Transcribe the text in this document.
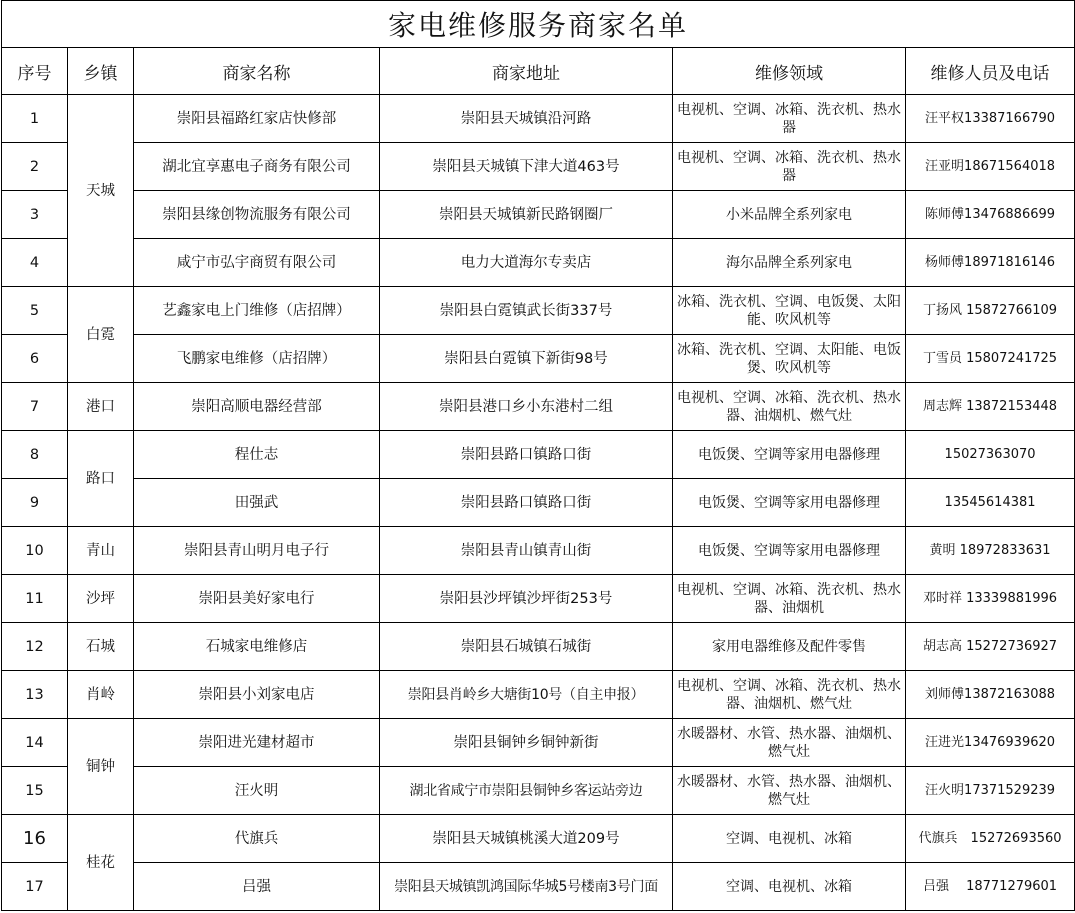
家电维修服务商家名单					
序号	乡镇	商家名称	商家地址	维修领域	维修人员及电话
1	天城	崇阳县福路红家店快修部	崇阳县天城镇沿河路	电视机、空调、冰箱、洗衣机、热水器	汪平权13387166790
2		湖北宜享惠电子商务有限公司	崇阳县天城镇下津大道463号	电视机、空调、冰箱、洗衣机、热水器	汪亚明18671564018
3		崇阳县缘创物流服务有限公司	崇阳县天城镇新民路钢圈厂	小米品牌全系列家电	陈师傅13476886699
4		咸宁市弘宇商贸有限公司	电力大道海尔专卖店	海尔品牌全系列家电	杨师傅18971816146
5	白霓	艺鑫家电上门维修（店招牌）	崇阳县白霓镇武长街337号	冰箱、洗衣机、空调、电饭煲、太阳能、吹风机等	丁扬风 15872766109
6		飞鹏家电维修（店招牌）	崇阳县白霓镇下新街98号	冰箱、洗衣机、空调、太阳能、电饭煲、吹风机等	丁雪员 15807241725
7	港口	崇阳高顺电器经营部	崇阳县港口乡小东港村二组	电视机、空调、冰箱、洗衣机、热水器、油烟机、燃气灶	周志辉 13872153448
8	路口	程仕志	崇阳县路口镇路口街	电饭煲、空调等家用电器修理	15027363070
9		田强武	崇阳县路口镇路口街	电饭煲、空调等家用电器修理	13545614381
10	青山	崇阳县青山明月电子行	崇阳县青山镇青山街	电饭煲、空调等家用电器修理	黄明 18972833631
11	沙坪	崇阳县美好家电行	崇阳县沙坪镇沙坪街253号	电视机、空调、冰箱、洗衣机、热水器、油烟机	邓时祥 13339881996
12	石城	石城家电维修店	崇阳县石城镇石城街	家用电器维修及配件零售	胡志高 15272736927
13	肖岭	崇阳县小刘家电店	崇阳县肖岭乡大塘街10号（自主申报）	电视机、空调、冰箱、洗衣机、热水器、油烟机、燃气灶	刘师傅13872163088
14	铜钟	崇阳进光建材超市	崇阳县铜钟乡铜钟新街	水暖器材、水管、热水器、油烟机、燃气灶	汪进光13476939620
15		汪火明	湖北省咸宁市崇阳县铜钟乡客运站旁边	水暖器材、水管、热水器、油烟机、燃气灶	汪火明17371529239
16	桂花	代旗兵	崇阳县天城镇桃溪大道209号	空调、电视机、冰箱	代旗兵　15272693560
17		吕强	崇阳县天城镇凯鸿国际华城5号楼南3号门面	空调、电视机、冰箱	吕强　 18771279601
